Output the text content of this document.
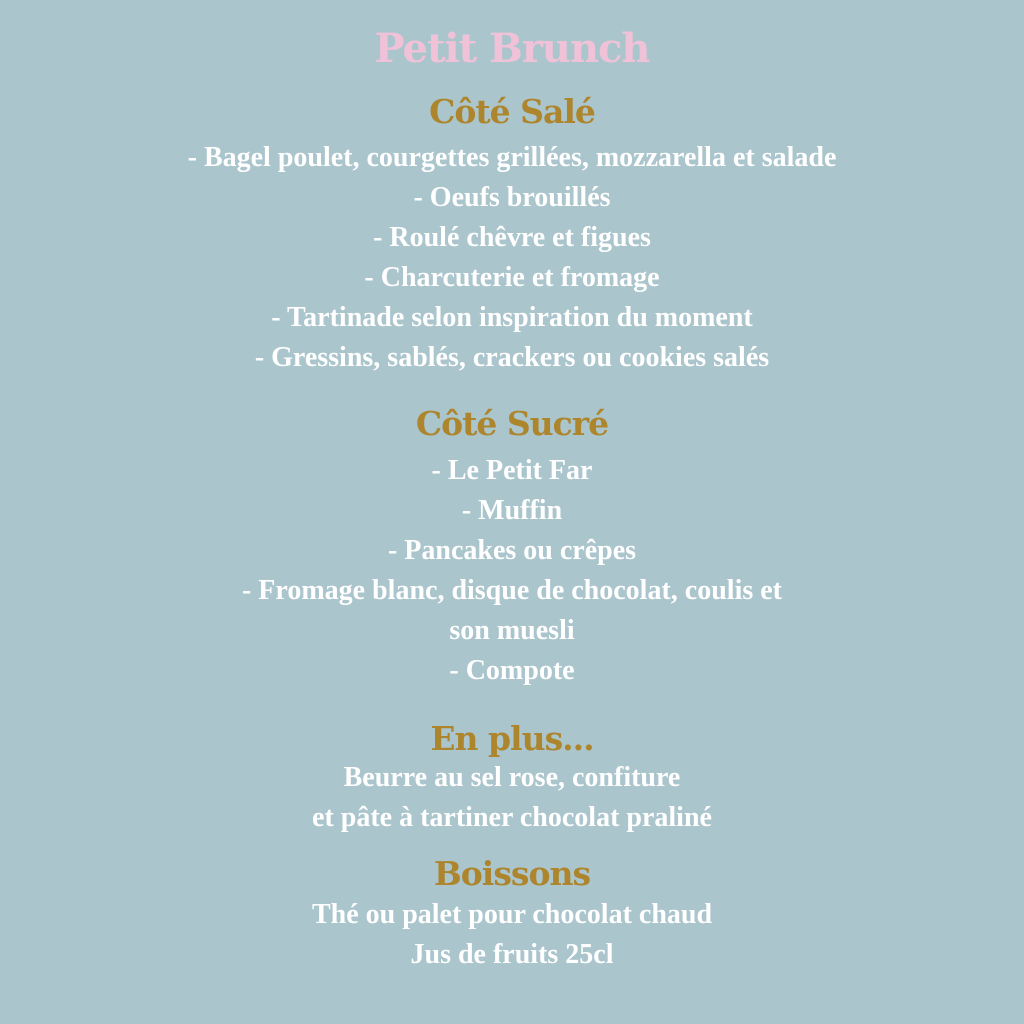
Petit Brunch
Côté Salé
- Bagel poulet, courgettes grillées, mozzarella et salade
- Oeufs brouillés
- Roulé chêvre et figues
- Charcuterie et fromage
- Tartinade selon inspiration du moment
- Gressins, sablés, crackers ou cookies salés
Côté Sucré
- Le Petit Far
- Muffin
- Pancakes ou crêpes
- Fromage blanc, disque de chocolat, coulis et
son muesli
- Compote
En plus...
Beurre au sel rose, confiture
et pâte à tartiner chocolat praliné
Boissons
Thé ou palet pour chocolat chaud
Jus de fruits 25cl
